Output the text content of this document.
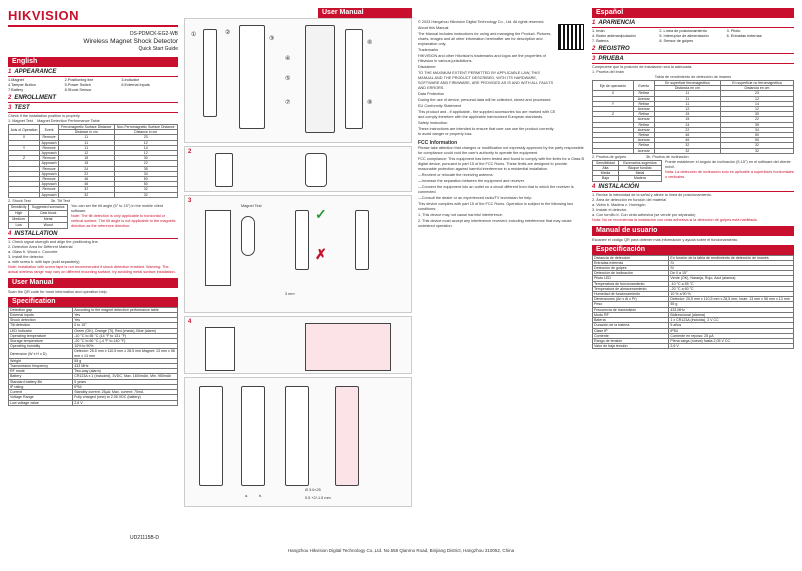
HIKVISION
DS-PDMCK-EG2-WB
Wireless Magnet Shock Detector
Quick Start Guide
English
1 APPEARANCE
1.Magnet	2.Positioning line	3.Indicator
4.Tamper Button	5.Power Switch	6.External Inputs
7.Battery	8.Shock Sensor
2 ENROLLMENT
3 TEST
Check if the installation position is properly
1. Magnet Test Magnet Detection Performance Table
Axis of Operation	Event	Ferromagnetic Surface Distance	Non-Ferromagnetic Surface Distance
		Distance in cm	Distance in cm
X	Remove	11	23
	Approach	11	12
Y	Remove	11	14
	Approach	12	12
Z	Remove	15	30
	Approach	15	22
	Remove	24	35
	Approach	22	34
	Remove	46	50
	Approach	46	50
	Remove	32	32
	Approach	32	32
2. Shock Test	3b. Tilt Test
Sensitivity	Suggested scenarios
High	Cast block
Medium	Metal
Low	Wood
You can set the tilt angle (5° to 15°) in the mobile client software.
Note: The tilt detection is only applicable to horizontal or vertical surface. The tilt angle is not applicable to the magnetic direction as the reference direction.
4 INSTALLATION
1. Check signal strength and align the positioning line.
2. Detection Area for Different Material
a. Glass b. Wood c. Concrete
3. Install the detector.
a. with screw b. with tape (sold separately)
Note: Installation with screw tape is not recommended if shock detection enabled. Warning: The actual wireless range may vary on different mounting surface, try avoiding metal surface installation.
User Manual
Scan the QR code for more information and operation help.
Specification
Detection gap	According to the magnet detection performance table
External inputs	Yes
Shock detection	Yes
Tilt detection	0 to 15°
LED Indicator	Green (OK), Orange (Ti), Red (check), Blue (alarm)
Operating temperature	-10 °C to 55 °C (14 °F to 131 °F)
Storage temperature	-20 °C to 60 °C (-4 °F to 140 °F)
Operating humidity	10% to 90%
Dimension (W x H x D)	Detector: 25.5 mm x 110.5 mm x 28.5 mm Magnet: 13 mm x 56 mm x 13 mm
Weight	55 g
Transmission frequency	433 MHz
RF mode	Two-way (alarm)
Battery	CR123A x 1 (Included), 3VDC, Max. 1600mAh, Min. 950mAh
Standard battery life	5 years
IP rating	IP54
Current	Standby current: 25μA; Max. current: 70mA
Voltage Range	Fully charged (new) to 2.05 VDC (battery)
Low voltage value	2.6 V
UD21115B-D
User Manual
①	②
③
④
⑤
⑥
⑦	⑧
2
3
Magnet Test	✓
✗
3 mm
4
a.	b.
Ø 3.0×25
5.5 +2/-1.5 mm
© 2023 Hangzhou Hikvision Digital Technology Co., Ltd. All rights reserved.
About this Manual
The Manual includes instructions for using and managing the Product. Pictures, charts, images and all other information hereinafter are for description and explanation only.
Trademarks
HIKVISION and other Hikvision's trademarks and logos are the properties of Hikvision in various jurisdictions.
Disclaimer
TO THE MAXIMUM EXTENT PERMITTED BY APPLICABLE LAW, THIS MANUAL AND THE PRODUCT DESCRIBED, WITH ITS HARDWARE, SOFTWARE AND FIRMWARE, ARE PROVIDED AS IS AND WITH ALL FAULTS AND ERRORS.
Data Protection
During the use of device, personal data will be collected, stored and processed.
EU Conformity Statement
This product and - if applicable - the supplied accessories too are marked with CE and comply therefore with the applicable harmonized European standards.
Safety Instruction
These instructions are intended to ensure that user can use the product correctly to avoid danger or property loss.
FCC Information
Please take attention that changes or modification not expressly approved by the party responsible for compliance could void the user's authority to operate the equipment.
FCC compliance: This equipment has been tested and found to comply with the limits for a Class B digital device, pursuant to part 15 of the FCC Rules. These limits are designed to provide reasonable protection against harmful interference in a residential installation.
—Reorient or relocate the receiving antenna.
—Increase the separation between the equipment and receiver.
—Connect the equipment into an outlet on a circuit different from that to which the receiver is connected.
—Consult the dealer or an experienced radio/TV technician for help.
This device complies with part 15 of the FCC Rules. Operation is subject to the following two conditions:
1. This device may not cause harmful interference.
2. This device must accept any interference received, including interference that may cause undesired operation.
Español
1 APARIENCIA
1. Imán	2. Línea de posicionamiento	3. Piloto
4. Botón antimanipulación	5. Interruptor de alimentación	6. Entradas externas
7. Batería	8. Sensor de golpes
2 REGISTRO
3 PRUEBA
Compruebe que la posición de instalación sea la adecuada.
1. Prueba del imán
Tabla de rendimiento de detección de imanes
Eje de operación	Evento	En superficie ferromagnética	En superficie no ferromagnética
		Distancia en cm	Distancia en cm
X	Retirar	11	23
	Acercar	11	12
Y	Retirar	11	14
	Acercar	12	12
Z	Retirar	15	30
	Acercar	15	22
	Retirar	24	35
	Acercar	22	34
	Retirar	46	50
	Acercar	46	50
	Retirar	32	32
	Acercar	32	32
2. Prueba de golpes	3b. Prueba de inclinación
Sensibilidad	Escenarios sugeridos
Alta	Bloque fundido
Media	Metal
Baja	Madera
Puede establecer el ángulo de inclinación (5-15°) en el software del cliente móvil.
Nota: La detección de inclinación solo es aplicable a superficies horizontales o verticales.
4 INSTALACIÓN
1. Revise la intensidad de la señal y alinee la línea de posicionamiento.
2. Área de detección en función del material
a. Vidrio b. Madera c. Hormigón
3. Instale el detector.
a. Con tornillo b. Con cinta adhesiva (se vende por separado)
Nota: No se recomienda la instalación con cinta adhesiva si la detección de golpes está habilitada.
Manual de usuario
Escanee el código QR para obtener más información y ayuda sobre el funcionamiento.
Especificación
Distancia de detección	En función de la tabla de rendimiento de detección de imanes
Entradas externas	Sí
Detección de golpes	Sí
Detección de inclinación	De 0 a 15°
Piloto LED	Verde (OK), Naranja, Rojo, Azul (alarma)
Temperatura de funcionamiento	-10 °C a 55 °C
Temperatura de almacenamiento	-20 °C a 60 °C
Humedad de funcionamiento	10 % a 90 %
Dimensiones (An x Al x Pr)	Detector: 25,5 mm x 110,5 mm x 28,5 mm; Imán: 13 mm x 56 mm x 13 mm
Peso	55 g
Frecuencia de transmisión	433 MHz
Modo RF	Bidireccional (alarma)
Batería	1 x CR123A (incluida), 3 V CC
Duración de la batería	5 años
Clase IP	IP54
Corriente	Corriente en reposo: 25 μA
Rango de tensión	Plena carga (nueva) hasta 2,05 V CC
Valor de baja tensión	2,6 V
Hangzhou Hikvision Digital Technology Co.,Ltd. No.555 Qianmo Road, Binjiang District, Hangzhou 310052, China
